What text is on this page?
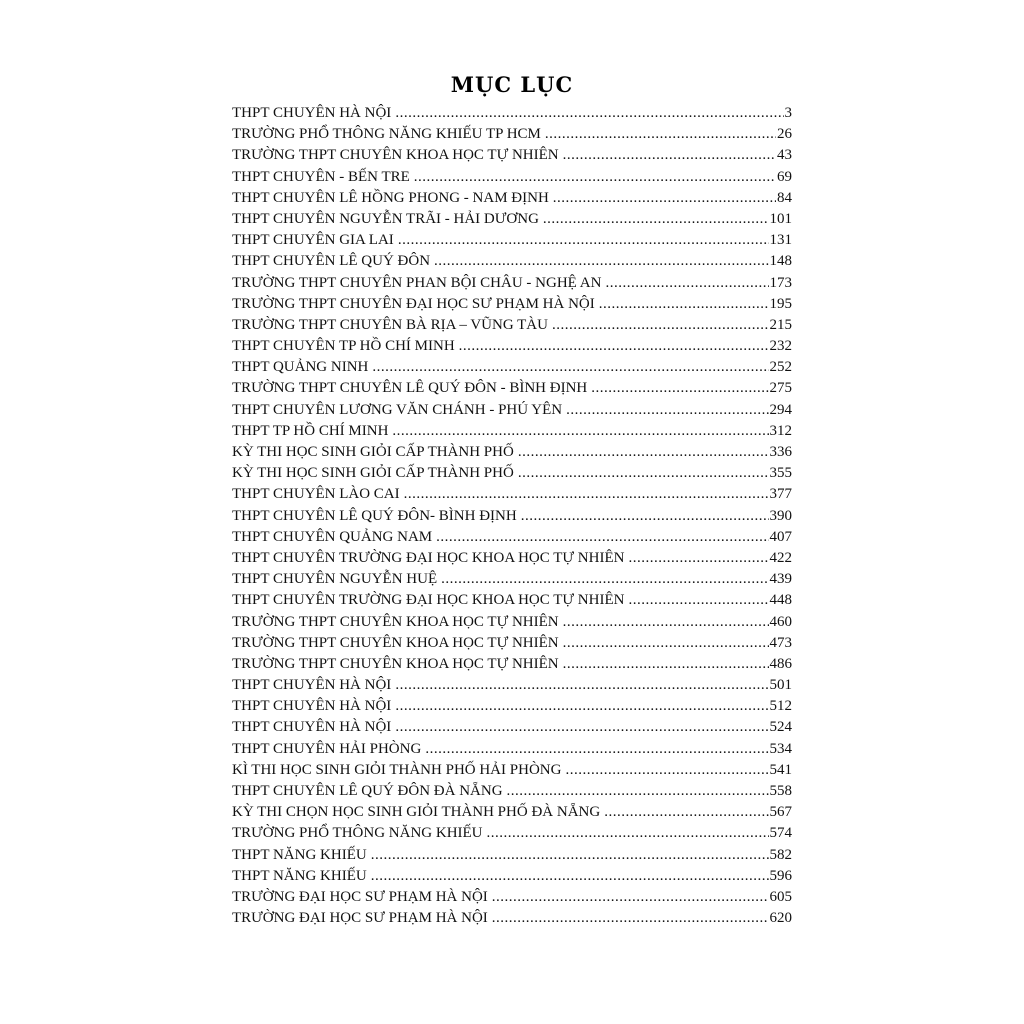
MỤC LỤC
THPT CHUYÊN HÀ NỘI .....	3
TRƯỜNG PHỔ THÔNG NĂNG KHIẾU TP HCM .....	26
TRƯỜNG THPT CHUYÊN KHOA HỌC TỰ NHIÊN .....	43
THPT CHUYÊN - BẾN TRE .....	69
THPT CHUYÊN LÊ HỒNG PHONG - NAM ĐỊNH .....	84
THPT CHUYÊN NGUYỄN TRÃI - HẢI DƯƠNG .....	101
THPT CHUYÊN GIA LAI .....	131
THPT CHUYÊN LÊ QUÝ ĐÔN .....	148
TRƯỜNG THPT CHUYÊN PHAN BỘI CHÂU - NGHỆ AN .....	173
TRƯỜNG THPT CHUYÊN ĐẠI HỌC SƯ PHẠM HÀ NỘI .....	195
TRƯỜNG THPT CHUYÊN BÀ RỊA – VŨNG TÀU .....	215
THPT CHUYÊN TP HỒ CHÍ MINH .....	232
THPT QUẢNG NINH .....	252
TRƯỜNG THPT CHUYÊN LÊ QUÝ ĐÔN - BÌNH ĐỊNH .....	275
THPT CHUYÊN LƯƠNG VĂN CHÁNH - PHÚ YÊN .....	294
THPT TP HỒ CHÍ MINH .....	312
KỲ THI HỌC SINH GIỎI CẤP THÀNH PHỐ .....	336
KỲ THI HỌC SINH GIỎI CẤP THÀNH PHỐ .....	355
THPT CHUYÊN LÀO CAI .....	377
THPT CHUYÊN LÊ QUÝ ĐÔN- BÌNH ĐỊNH .....	390
THPT CHUYÊN QUẢNG NAM .....	407
THPT CHUYÊN TRƯỜNG ĐẠI HỌC KHOA HỌC TỰ NHIÊN .....	422
THPT CHUYÊN NGUYỄN HUỆ .....	439
THPT CHUYÊN TRƯỜNG ĐẠI HỌC KHOA HỌC TỰ NHIÊN .....	448
TRƯỜNG THPT CHUYÊN KHOA HỌC TỰ NHIÊN .....	460
TRƯỜNG THPT CHUYÊN KHOA HỌC TỰ NHIÊN .....	473
TRƯỜNG THPT CHUYÊN KHOA HỌC TỰ NHIÊN .....	486
THPT CHUYÊN HÀ NỘI .....	501
THPT CHUYÊN HÀ NỘI .....	512
THPT CHUYÊN HÀ NỘI .....	524
THPT CHUYÊN HẢI PHÒNG .....	534
KÌ THI HỌC SINH GIỎI THÀNH PHỐ HẢI PHÒNG .....	541
THPT CHUYÊN LÊ QUÝ ĐÔN ĐÀ NẴNG .....	558
KỲ THI CHỌN HỌC SINH GIỎI THÀNH PHỐ ĐÀ NẴNG .....	567
TRƯỜNG PHỔ THÔNG NĂNG KHIẾU .....	574
THPT NĂNG KHIẾU .....	582
THPT NĂNG KHIẾU .....	596
TRƯỜNG ĐẠI HỌC SƯ PHẠM HÀ NỘI .....	605
TRƯỜNG ĐẠI HỌC SƯ PHẠM HÀ NỘI .....	620
